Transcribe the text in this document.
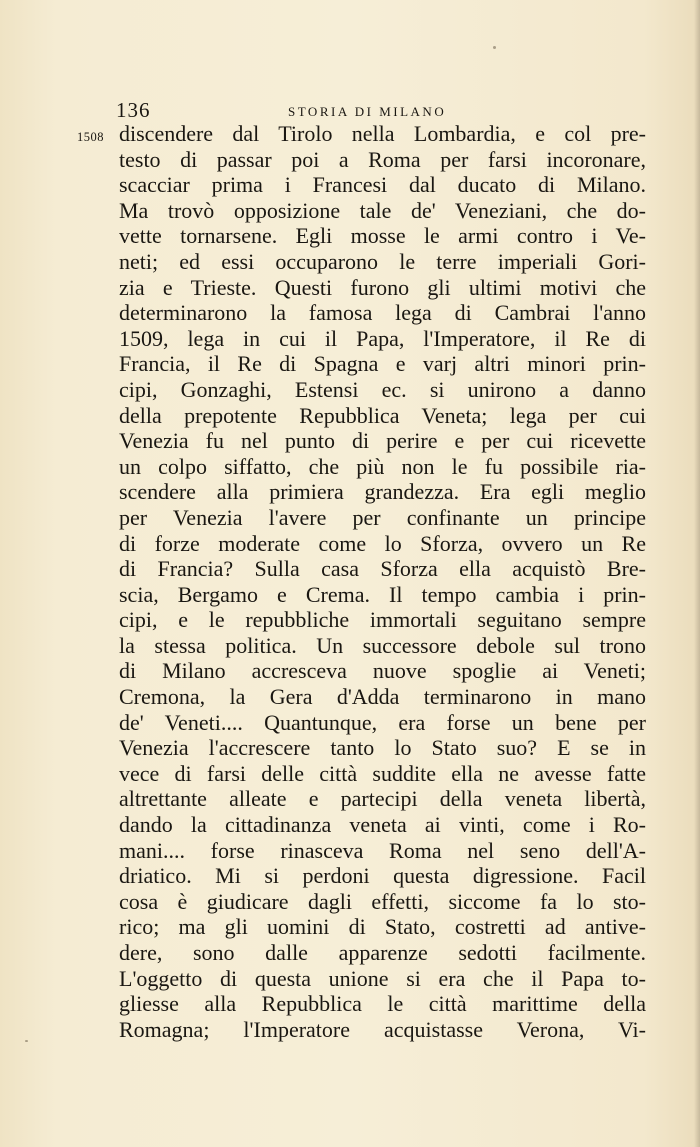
136	STORIA DI MILANO
1508 discendere dal Tirolo nella Lombardia, e col pre-
testo di passar poi a Roma per farsi incoronare,
scacciar prima i Francesi dal ducato di Milano.
Ma trovò opposizione tale de' Veneziani, che do-
vette tornarsene. Egli mosse le armi contro i Ve-
neti; ed essi occuparono le terre imperiali Gori-
zia e Trieste. Questi furono gli ultimi motivi che
determinarono la famosa lega di Cambrai l'anno
1509, lega in cui il Papa, l'Imperatore, il Re di
Francia, il Re di Spagna e varj altri minori prin-
cipi, Gonzaghi, Estensi ec. si unirono a danno
della prepotente Repubblica Veneta; lega per cui
Venezia fu nel punto di perire e per cui ricevette
un colpo siffatto, che più non le fu possibile ria-
scendere alla primiera grandezza. Era egli meglio
per Venezia l'avere per confinante un principe
di forze moderate come lo Sforza, ovvero un Re
di Francia? Sulla casa Sforza ella acquistò Bre-
scia, Bergamo e Crema. Il tempo cambia i prin-
cipi, e le repubbliche immortali seguitano sempre
la stessa politica. Un successore debole sul trono
di Milano accresceva nuove spoglie ai Veneti;
Cremona, la Gera d'Adda terminarono in mano
de' Veneti.... Quantunque, era forse un bene per
Venezia l'accrescere tanto lo Stato suo? E se in
vece di farsi delle città suddite ella ne avesse fatte
altrettante alleate e partecipi della veneta libertà,
dando la cittadinanza veneta ai vinti, come i Ro-
mani.... forse rinasceva Roma nel seno dell'A-
driatico. Mi si perdoni questa digressione. Facil
cosa è giudicare dagli effetti, siccome fa lo sto-
rico; ma gli uomini di Stato, costretti ad antive-
dere, sono dalle apparenze sedotti facilmente.
L'oggetto di questa unione si era che il Papa to-
gliesse alla Repubblica le città marittime della
Romagna; l'Imperatore acquistasse Verona, Vi-
